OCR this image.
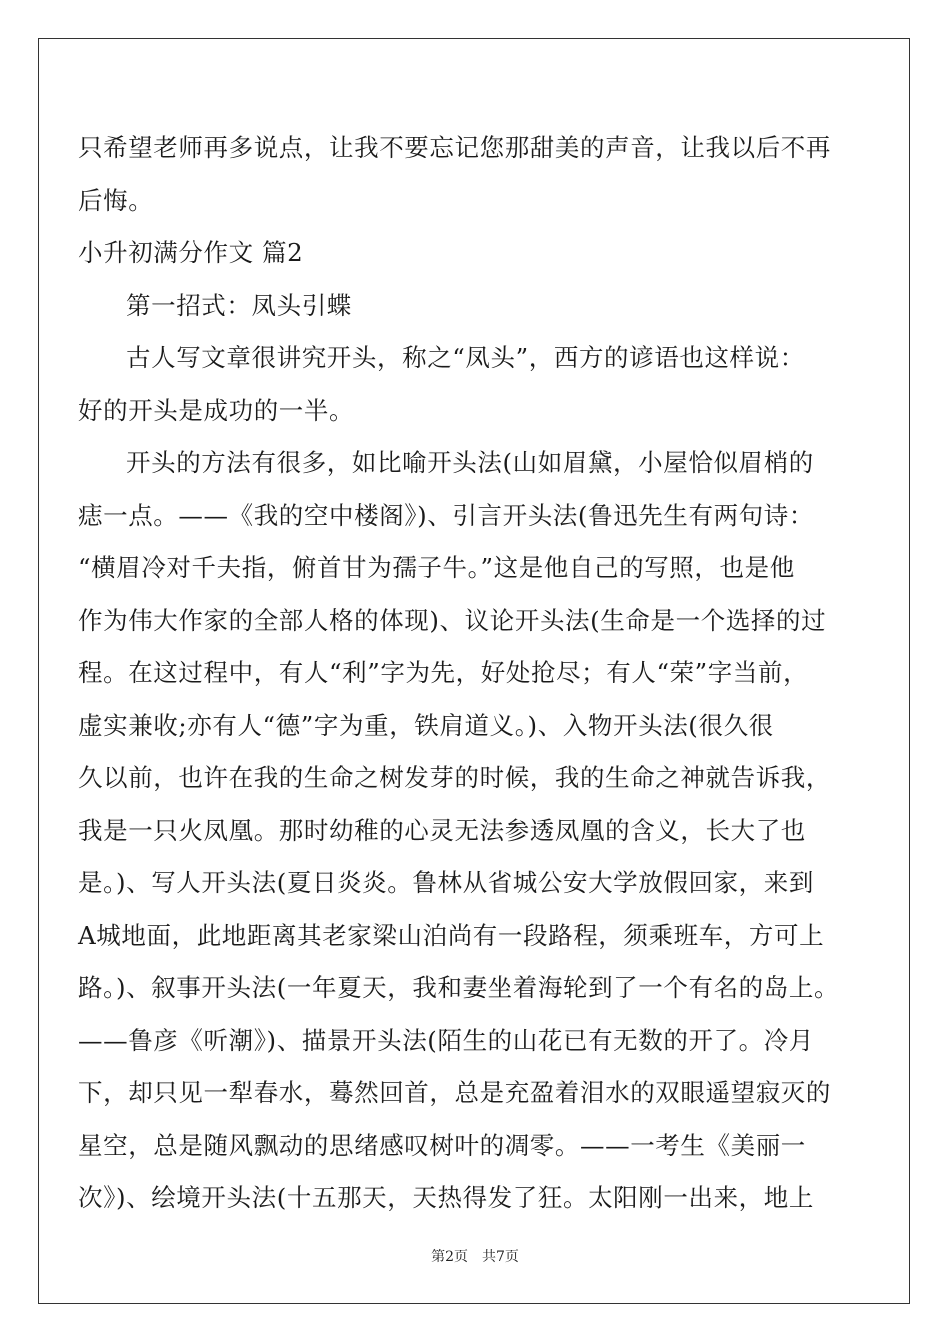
只希望老师再多说点，让我不要忘记您那甜美的声音，让我以后不再
后悔。
小升初满分作文 篇2
第一招式：凤头引蝶
古人写文章很讲究开头，称之“凤头”，西方的谚语也这样说：
好的开头是成功的一半。
开头的方法有很多，如比喻开头法(山如眉黛，小屋恰似眉梢的
痣一点。——《我的空中楼阁》)、引言开头法(鲁迅先生有两句诗：
“横眉冷对千夫指，俯首甘为孺子牛。”这是他自己的写照，也是他
作为伟大作家的全部人格的体现)、议论开头法(生命是一个选择的过
程。在这过程中，有人“利”字为先，好处抢尽；有人“荣”字当前，
虚实兼收;亦有人“德”字为重，铁肩道义。)、入物开头法(很久很
久以前，也许在我的生命之树发芽的时候，我的生命之神就告诉我，
我是一只火凤凰。那时幼稚的心灵无法参透凤凰的含义，长大了也
是。)、写人开头法(夏日炎炎。鲁林从省城公安大学放假回家，来到
A城地面，此地距离其老家梁山泊尚有一段路程，须乘班车，方可上
路。)、叙事开头法(一年夏天，我和妻坐着海轮到了一个有名的岛上。
——鲁彦《听潮》)、描景开头法(陌生的山花已有无数的开了。冷月
下，却只见一犁春水，蓦然回首，总是充盈着泪水的双眼遥望寂灭的
星空，总是随风飘动的思绪感叹树叶的凋零。——一考生《美丽一
次》)、绘境开头法(十五那天，天热得发了狂。太阳刚一出来，地上
第2页　共7页
